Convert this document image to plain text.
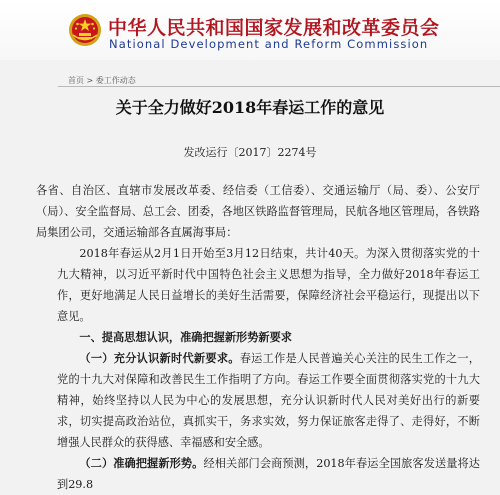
中华人民共和国国家发展和改革委员会
National Development and Reform Commission
首页 > 委工作动态
关于全力做好2018年春运工作的意见
发改运行〔2017〕2274号

各省、自治区、直辖市发展改革委、经信委（工信委）、交通运输厅（局、委）、公安厅（局）、安全监督局、总工会、团委，各地区铁路监督管理局，民航各地区管理局，各铁路局集团公司，交通运输部各直属海事局：

2018年春运从2月1日开始至3月12日结束，共计40天。为深入贯彻落实党的十九大精神，以习近平新时代中国特色社会主义思想为指导，全力做好2018年春运工作，更好地满足人民日益增长的美好生活需要，保障经济社会平稳运行，现提出以下意见。

一、提高思想认识，准确把握新形势新要求

（一）充分认识新时代新要求。春运工作是人民普遍关心关注的民生工作之一，党的十九大对保障和改善民生工作指明了方向。春运工作要全面贯彻落实党的十九大精神，始终坚持以人民为中心的发展思想，充分认识新时代人民对美好出行的新要求，切实提高政治站位，真抓实干，务求实效，努力保证旅客走得了、走得好，不断增强人民群众的获得感、幸福感和安全感。

（二）准确把握新形势。经相关部门会商预测，2018年春运全国旅客发送量将达到29.8
